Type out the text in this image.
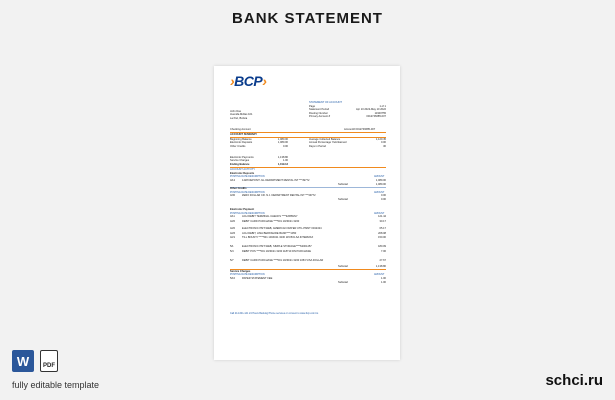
BANK STATEMENT
›BCP›
John Doe
Avenida Mcllas 101
La Paz, Bolivia
STATEMENT OF ACCOUNT
Page	1 of 1
Statement Period	Apr 10 2022-May 10 2022
Routing Number	11900755
Primary Account #	0012746685-007
Checking Account	Account# 0012746685-007
ACCOUNT SUMMARY
Beginning Balance	1,080.00
Electronic Deposits	1,089.00
Other Credits	0.00
Average Collected Balance	1,120.45
Annual Percentage Yield Earned	0.00
Days in Period	30
Electronic Payments	1,138.80
Service Charges	1.00
Ending Balance	1,019.13
ACCOUNT ACTIVITY
Electronic Deposits
POSTING DATE DESCRIPTION	AMOUNT
4/12	1428 DEPOSIT JLL DEPARTMENT RENTAL INT ***39772	1,089.00
Subtotal:	1,089.00
Other Credits
POSTING DATE DESCRIPTION	AMOUNT
4/30	ZERO DOLLAR CR. N.J. DEPARTMENT RENTAL INT ***39772	0.00
Subtotal:	0.00
Electronic Payment
POSTING DATE DESCRIPTION	AMOUNT
4/11	ACH DEBIT TERMINAL CHECKS ****3268WNY	121.44
4/20	DEBIT CARD PURCHASE ****501 10/30/21 3230	30.17
4/20	ELECTRONIC PMT-WEB, AMERICAN WATER UTIL.PMNT 0042434	65.17
4/26	ACH DEBIT, LIMA BERKSHIRE BANK****1050	208.08
4/21	TILL BOUNTY ****501 10/30/21 3230 115 BOLSA INTERMAX	150.00
5/1	ELECTRONIC PMT-WEB, SIMPLE STORAGE****S3001457	180.09
5/4	DEBIT POS ****501 10/30/21 3230 118710 DN PURCHASE	7.06
5/7	DEBIT CARD PURCHASE ****501 10/30/21 3230 1053 VISA DOLLAR	27.67
Subtotal:	1,138.80
Service Charges
POSTING DATE DESCRIPTION	AMOUNT
5/10	PAPER STATEMENT FEE	1.00
Subtotal:	1.00
Call 214-641-141 24 Hours Banking Phone services or connect to www.bcp.com.bo
W	PDF
fully editable template	schci.ru
